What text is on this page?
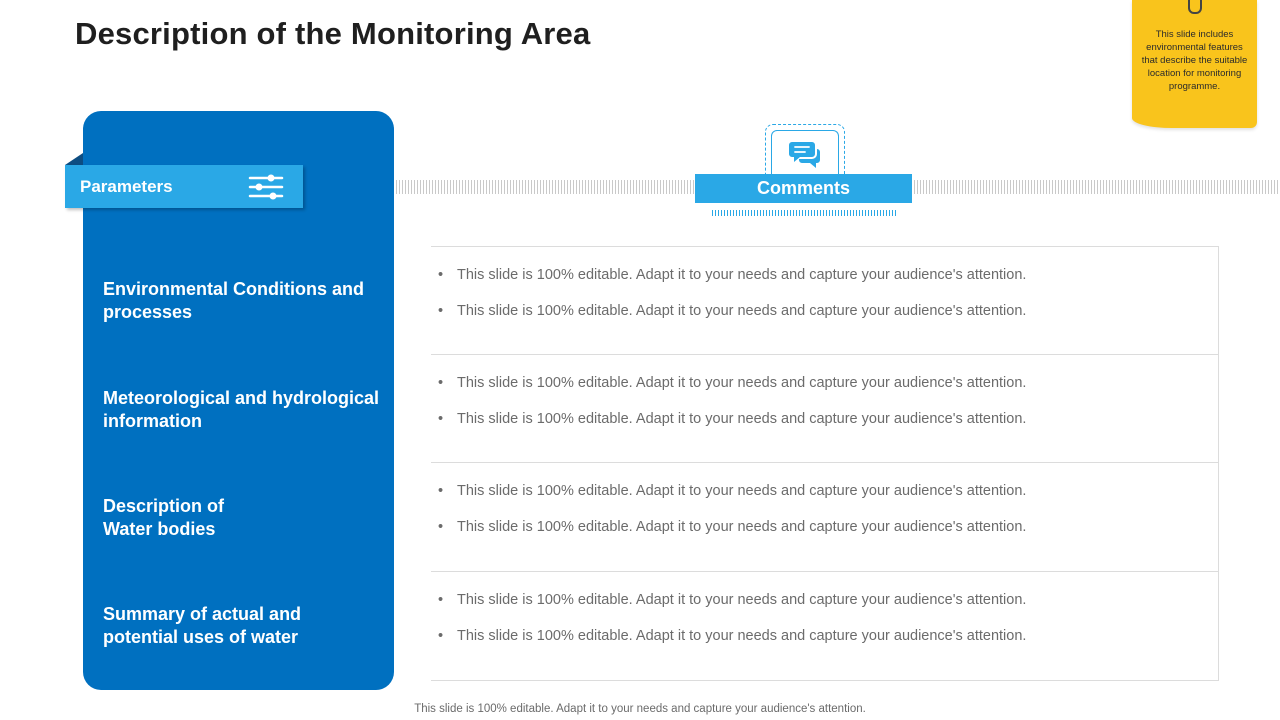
Description of the Monitoring Area	This slide includes environmental features that describe the suitable location for monitoring programme.
Parameters
Environmental Conditions and processes
Meteorological and hydrological information
Description of Water bodies
Summary of actual and potential uses of water
Comments
• This slide is 100% editable. Adapt it to your needs and capture your audience's attention.
• This slide is 100% editable. Adapt it to your needs and capture your audience's attention.
• This slide is 100% editable. Adapt it to your needs and capture your audience's attention.
• This slide is 100% editable. Adapt it to your needs and capture your audience's attention.
• This slide is 100% editable. Adapt it to your needs and capture your audience's attention.
• This slide is 100% editable. Adapt it to your needs and capture your audience's attention.
• This slide is 100% editable. Adapt it to your needs and capture your audience's attention.
• This slide is 100% editable. Adapt it to your needs and capture your audience's attention.
This slide is 100% editable. Adapt it to your needs and capture your audience's attention.
